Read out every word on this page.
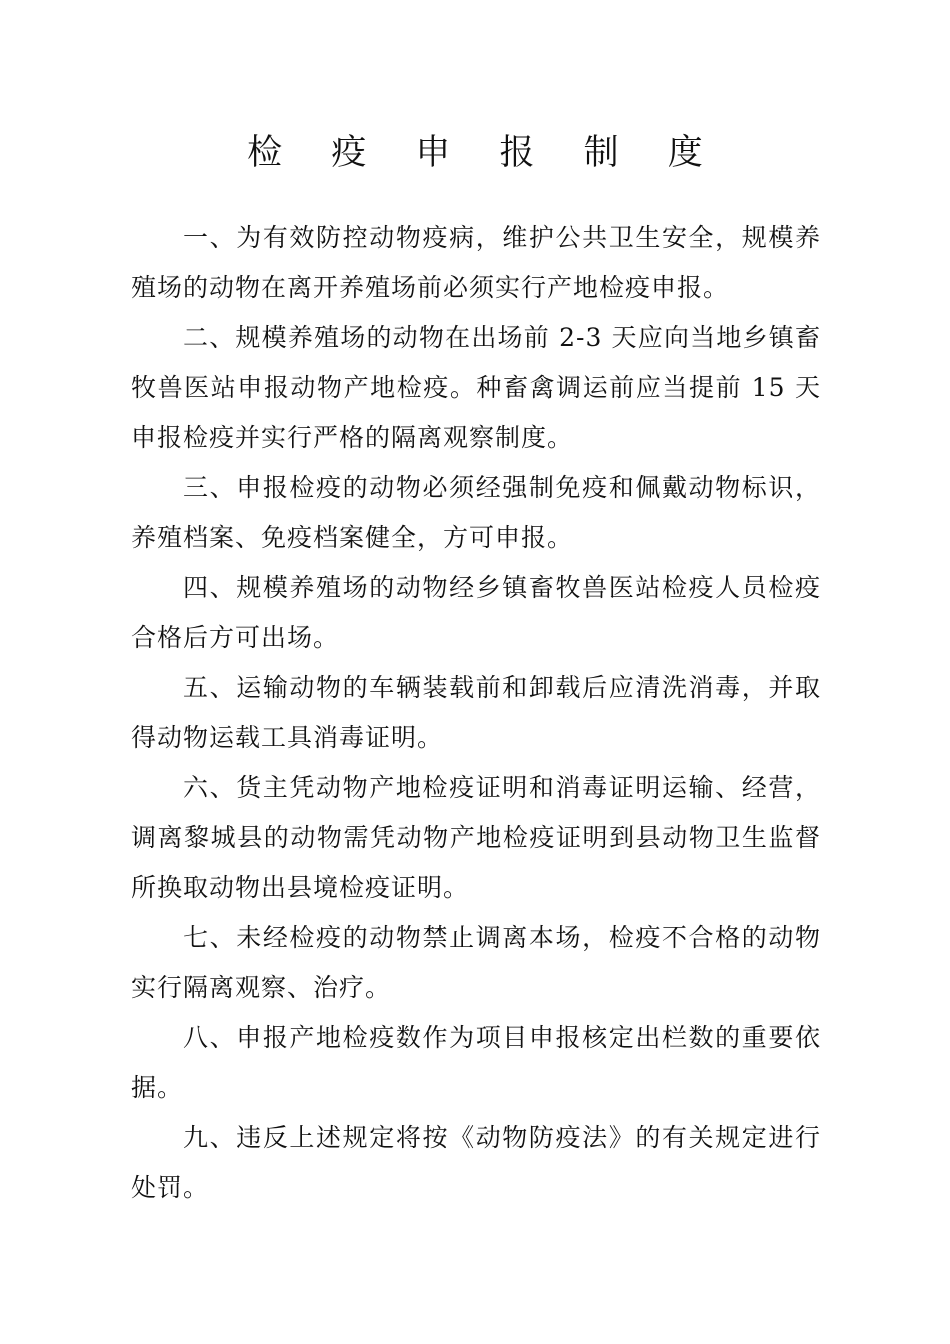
检 疫 申 报 制 度

一、为有效防控动物疫病，维护公共卫生安全，规模养殖场的动物在离开养殖场前必须实行产地检疫申报。

二、规模养殖场的动物在出场前 2-3 天应向当地乡镇畜牧兽医站申报动物产地检疫。种畜禽调运前应当提前 15 天申报检疫并实行严格的隔离观察制度。

三、申报检疫的动物必须经强制免疫和佩戴动物标识，养殖档案、免疫档案健全，方可申报。

四、规模养殖场的动物经乡镇畜牧兽医站检疫人员检疫合格后方可出场。

五、运输动物的车辆装载前和卸载后应清洗消毒，并取得动物运载工具消毒证明。

六、货主凭动物产地检疫证明和消毒证明运输、经营，调离黎城县的动物需凭动物产地检疫证明到县动物卫生监督所换取动物出县境检疫证明。

七、未经检疫的动物禁止调离本场，检疫不合格的动物实行隔离观察、治疗。

八、申报产地检疫数作为项目申报核定出栏数的重要依据。

九、违反上述规定将按《动物防疫法》的有关规定进行处罚。
